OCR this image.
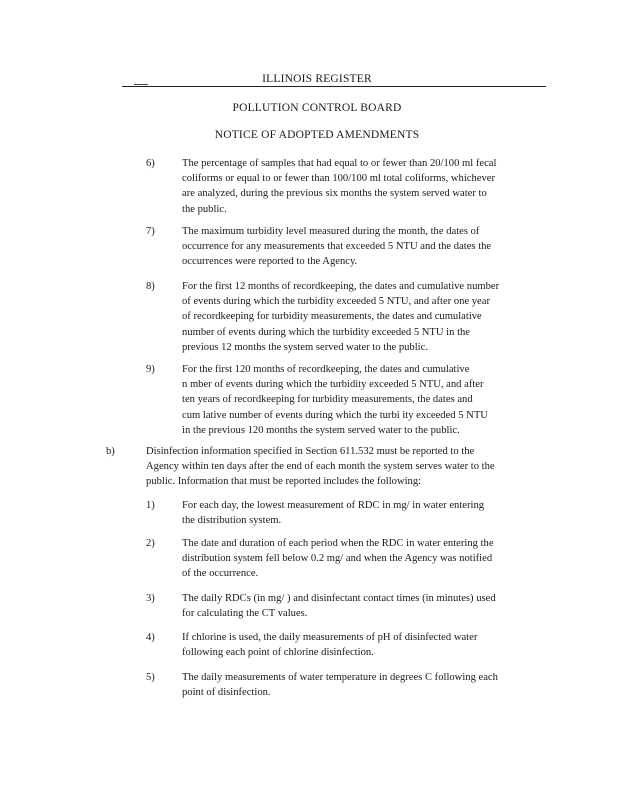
ILLINOIS REGISTER
POLLUTION CONTROL BOARD
NOTICE OF ADOPTED AMENDMENTS
6)	The percentage of samples that had equal to or fewer than 20/100 ml fecal
coliforms or equal to or fewer than 100/100 ml total coliforms, whichever
are analyzed, during the previous six months the system served water to
the public.
7)	The maximum turbidity level measured during the month, the dates of
occurrence for any measurements that exceeded 5 NTU and the dates the
occurrences were reported to the Agency.
8)	For the first 12 months of recordkeeping, the dates and cumulative number
of events during which the turbidity exceeded 5 NTU, and after one year
of recordkeeping for turbidity measurements, the dates and cumulative
number of events during which the turbidity exceeded 5 NTU in the
previous 12 months the system served water to the public.
9)	For the first 120 months of recordkeeping, the dates and cumulative
n mber of events during which the turbidity exceeded 5 NTU, and after
ten years of recordkeeping for turbidity measurements, the dates and
cum lative number of events during which the turbi ity exceeded 5 NTU
in the previous 120 months the system served water to the public.
b)	Disinfection information specified in Section 611.532 must be reported to the
Agency within ten days after the end of each month the system serves water to the
public. Information that must be reported includes the following:
1)	For each day, the lowest measurement of RDC in mg/ in water entering
the distribution system.
2)	The date and duration of each period when the RDC in water entering the
distribution system fell below 0.2 mg/ and when the Agency was notified
of the occurrence.
3)	The daily RDCs (in mg/ ) and disinfectant contact times (in minutes) used
for calculating the CT values.
4)	If chlorine is used, the daily measurements of pH of disinfected water
following each point of chlorine disinfection.
5)	The daily measurements of water temperature in degrees C following each
point of disinfection.
